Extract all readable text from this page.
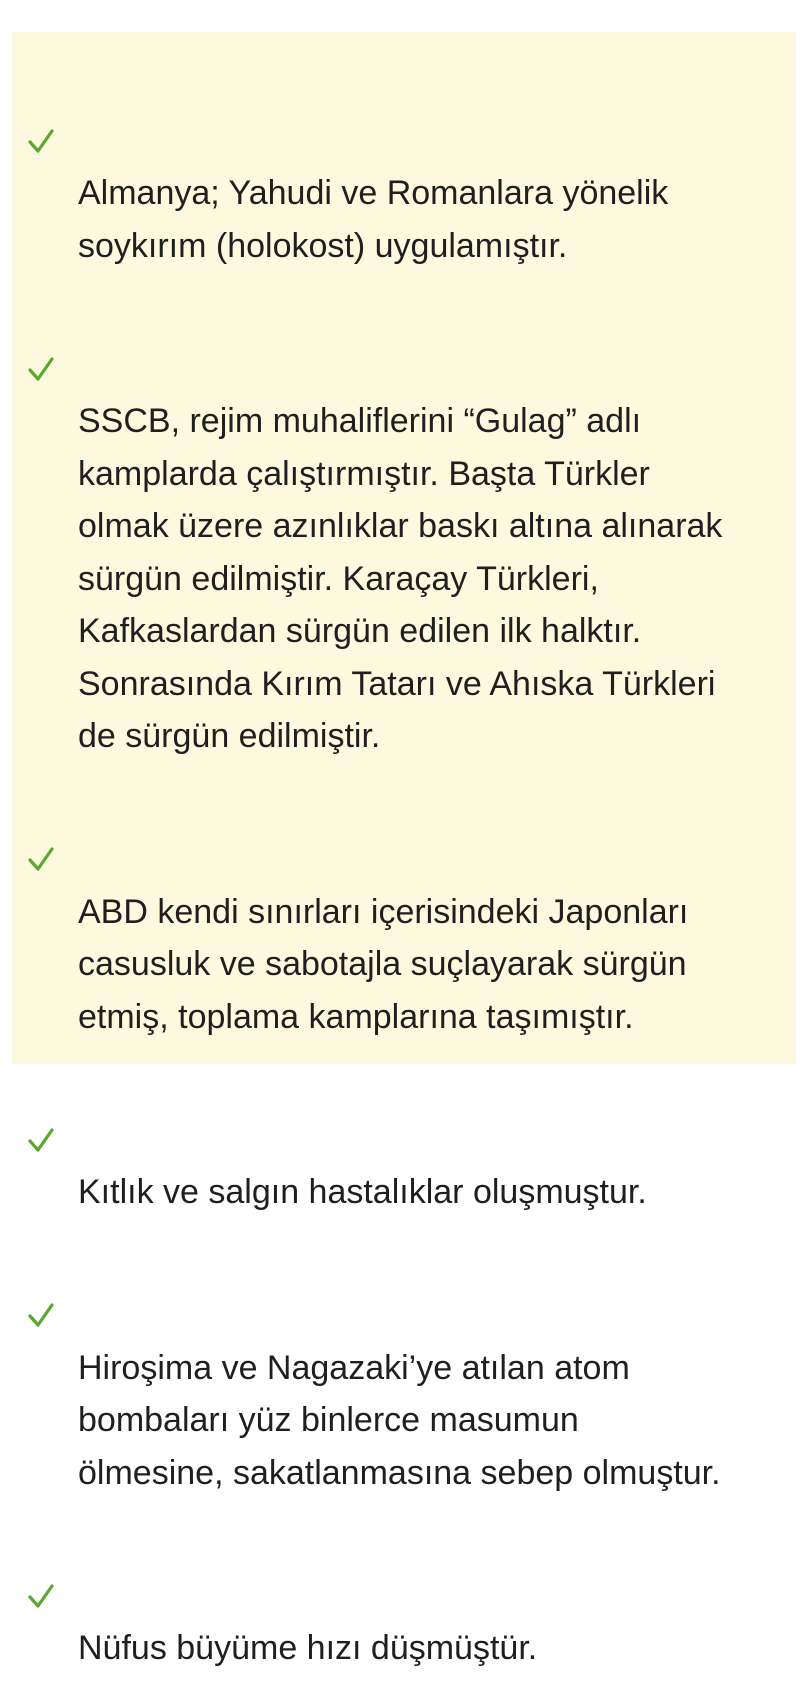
Almanya; Yahudi ve Romanlara yönelik
soykırım (holokost) uygulamıştır.

SSCB, rejim muhaliflerini “Gulag” adlı
kamplarda çalıştırmıştır. Başta Türkler
olmak üzere azınlıklar baskı altına alınarak
sürgün edilmiştir. Karaçay Türkleri,
Kafkaslardan sürgün edilen ilk halktır.
Sonrasında Kırım Tatarı ve Ahıska Türkleri
de sürgün edilmiştir.

ABD kendi sınırları içerisindeki Japonları
casusluk ve sabotajla suçlayarak sürgün
etmiş, toplama kamplarına taşımıştır.

Kıtlık ve salgın hastalıklar oluşmuştur.

Hiroşima ve Nagazaki’ye atılan atom
bombaları yüz binlerce masumun
ölmesine, sakatlanmasına sebep olmuştur.

Nüfus büyüme hızı düşmüştür.
